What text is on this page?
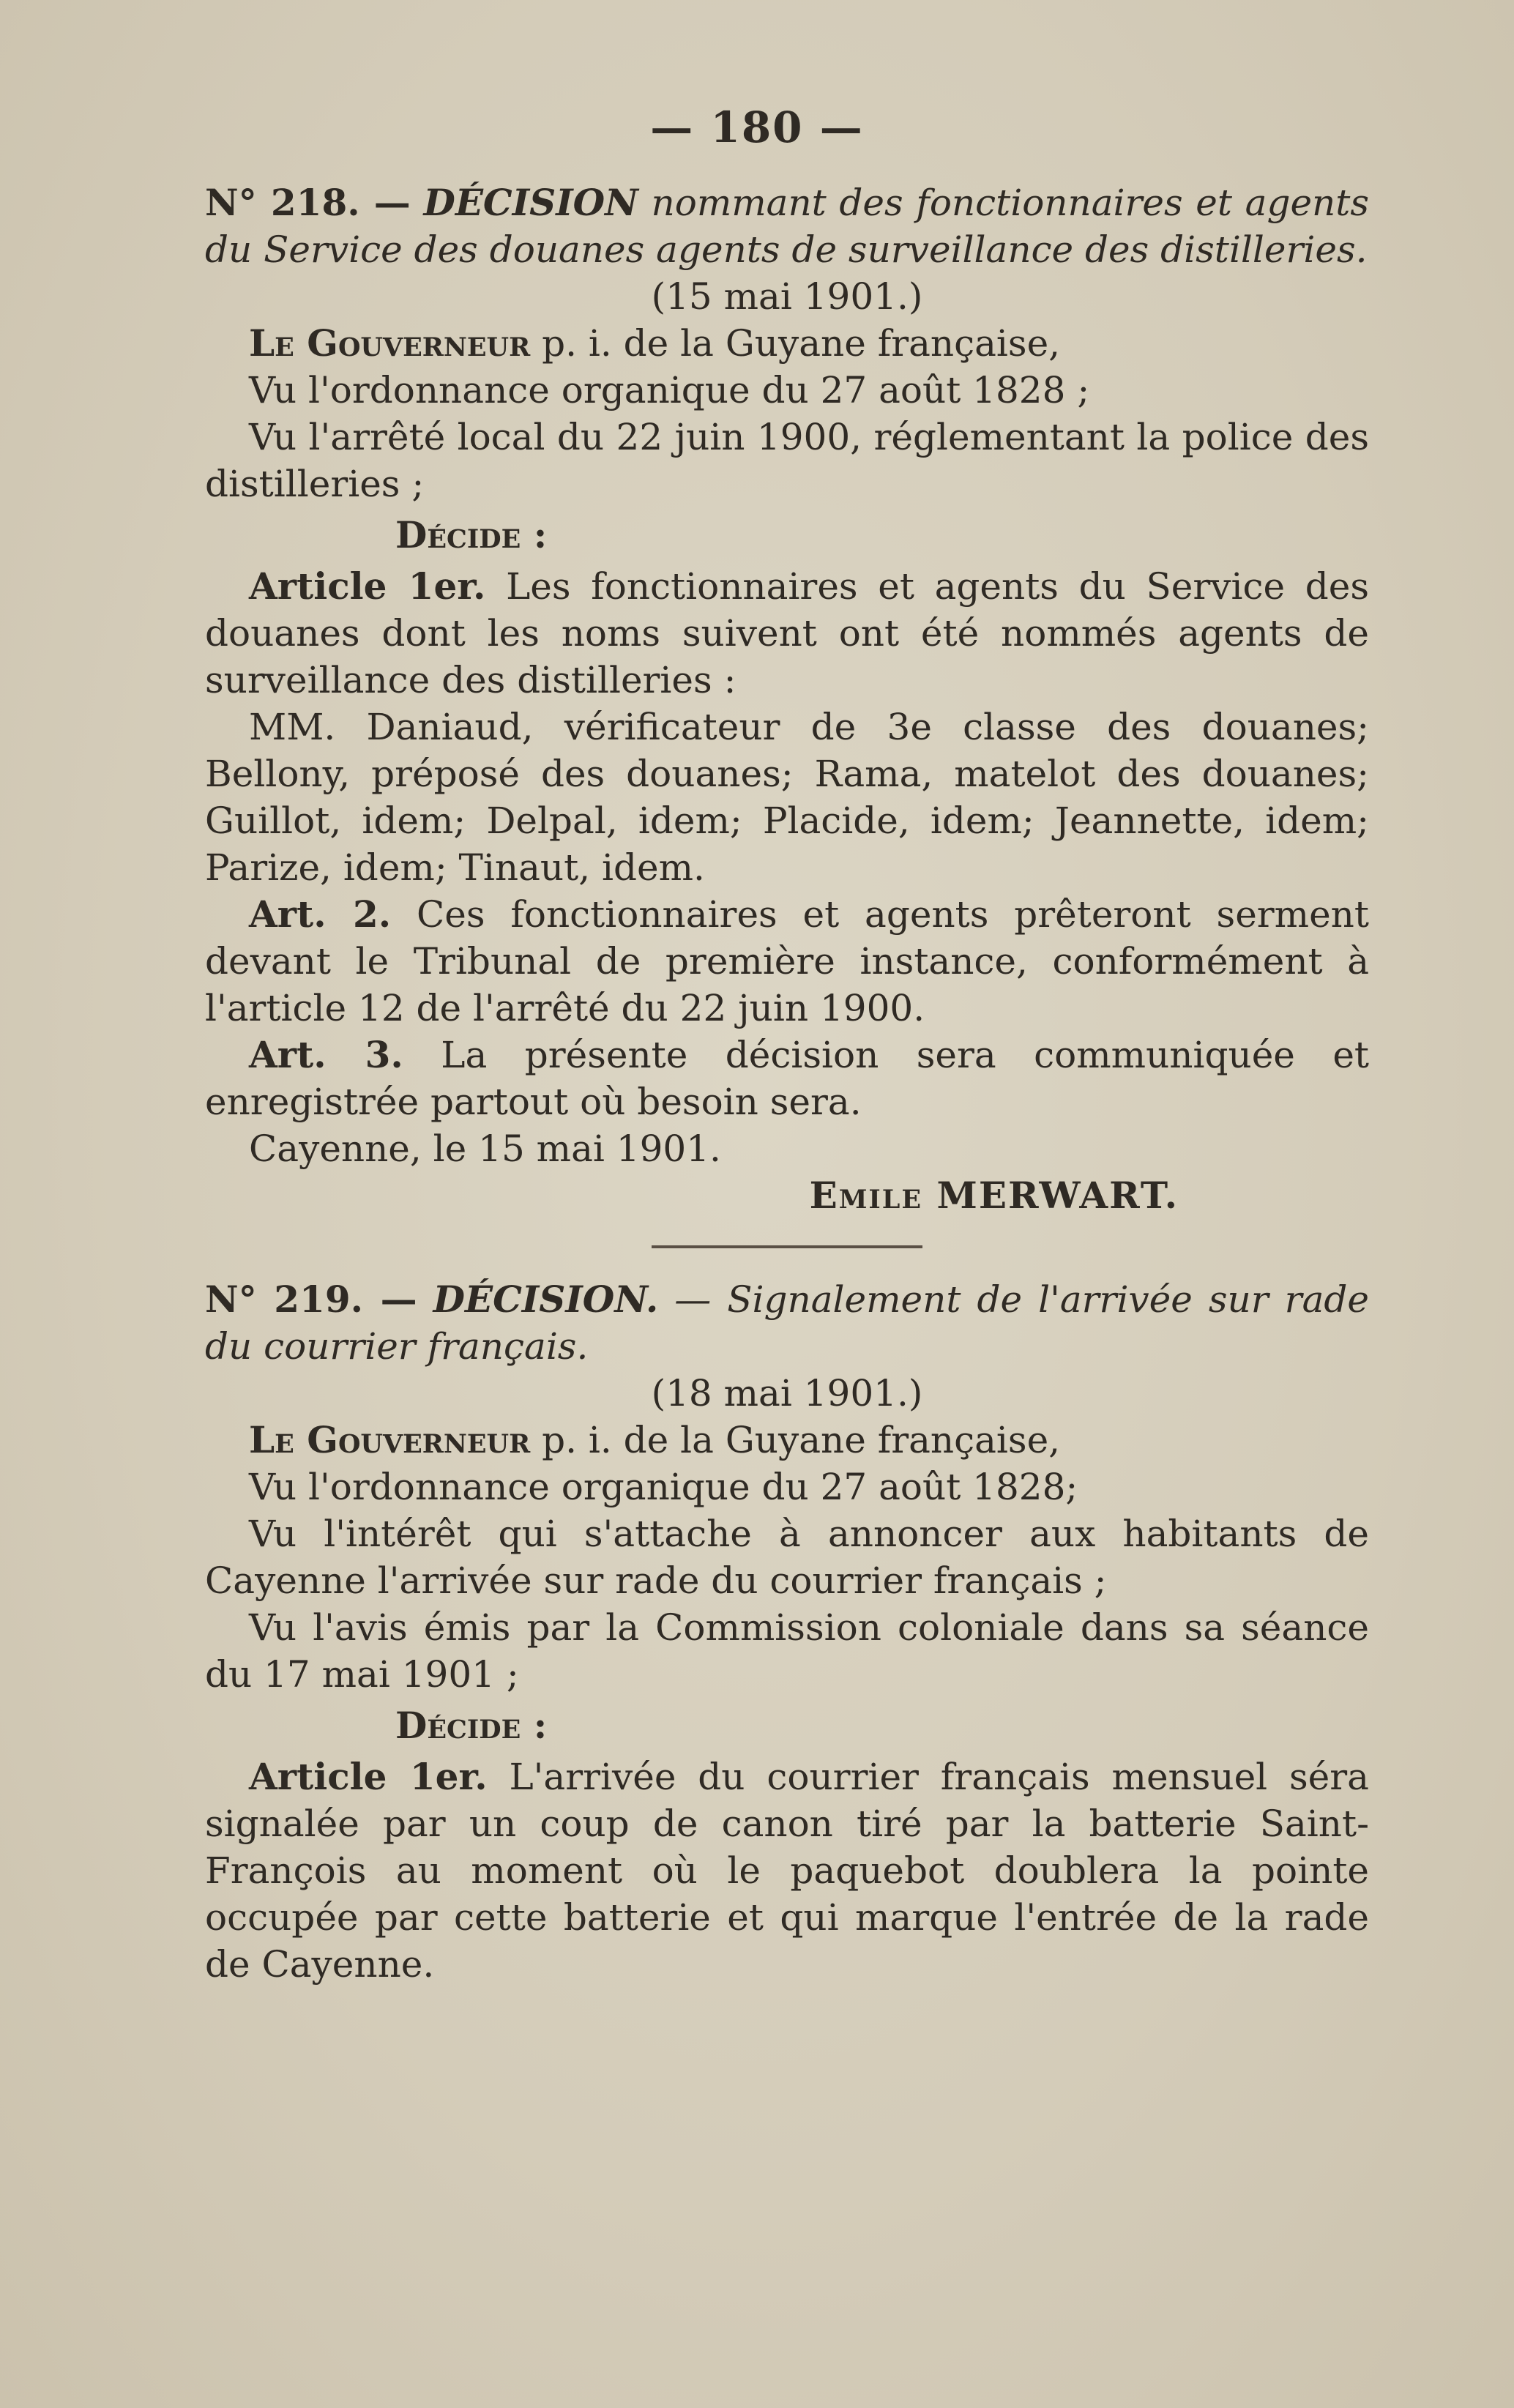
— 180 —

N° 218. — DÉCISION nommant des fonctionnaires et agents du Service des douanes agents de surveillance des distilleries.

(15 mai 1901.)

Le Gouverneur p. i. de la Guyane française,

Vu l'ordonnance organique du 27 août 1828 ;

Vu l'arrêté local du 22 juin 1900, réglementant la police des distilleries ;

Décide :

Article 1er. Les fonctionnaires et agents du Service des douanes dont les noms suivent ont été nommés agents de surveillance des distilleries :

MM. Daniaud, vérificateur de 3e classe des douanes; Bellony, préposé des douanes; Rama, matelot des douanes; Guillot, idem; Delpal, idem; Placide, idem; Jeannette, idem; Parize, idem; Tinaut, idem.

Art. 2. Ces fonctionnaires et agents prêteront serment devant le Tribunal de première instance, conformément à l'article 12 de l'arrêté du 22 juin 1900.

Art. 3. La présente décision sera communiquée et enregistrée partout où besoin sera.

Cayenne, le 15 mai 1901.

Emile MERWART.

N° 219. — DÉCISION. — Signalement de l'arrivée sur rade du courrier français.

(18 mai 1901.)

Le Gouverneur p. i. de la Guyane française,

Vu l'ordonnance organique du 27 août 1828;

Vu l'intérêt qui s'attache à annoncer aux habitants de Cayenne l'arrivée sur rade du courrier français ;

Vu l'avis émis par la Commission coloniale dans sa séance du 17 mai 1901 ;

Décide :

Article 1er. L'arrivée du courrier français mensuel séra signalée par un coup de canon tiré par la batterie Saint-François au moment où le paquebot doublera la pointe occupée par cette batterie et qui marque l'entrée de la rade de Cayenne.
